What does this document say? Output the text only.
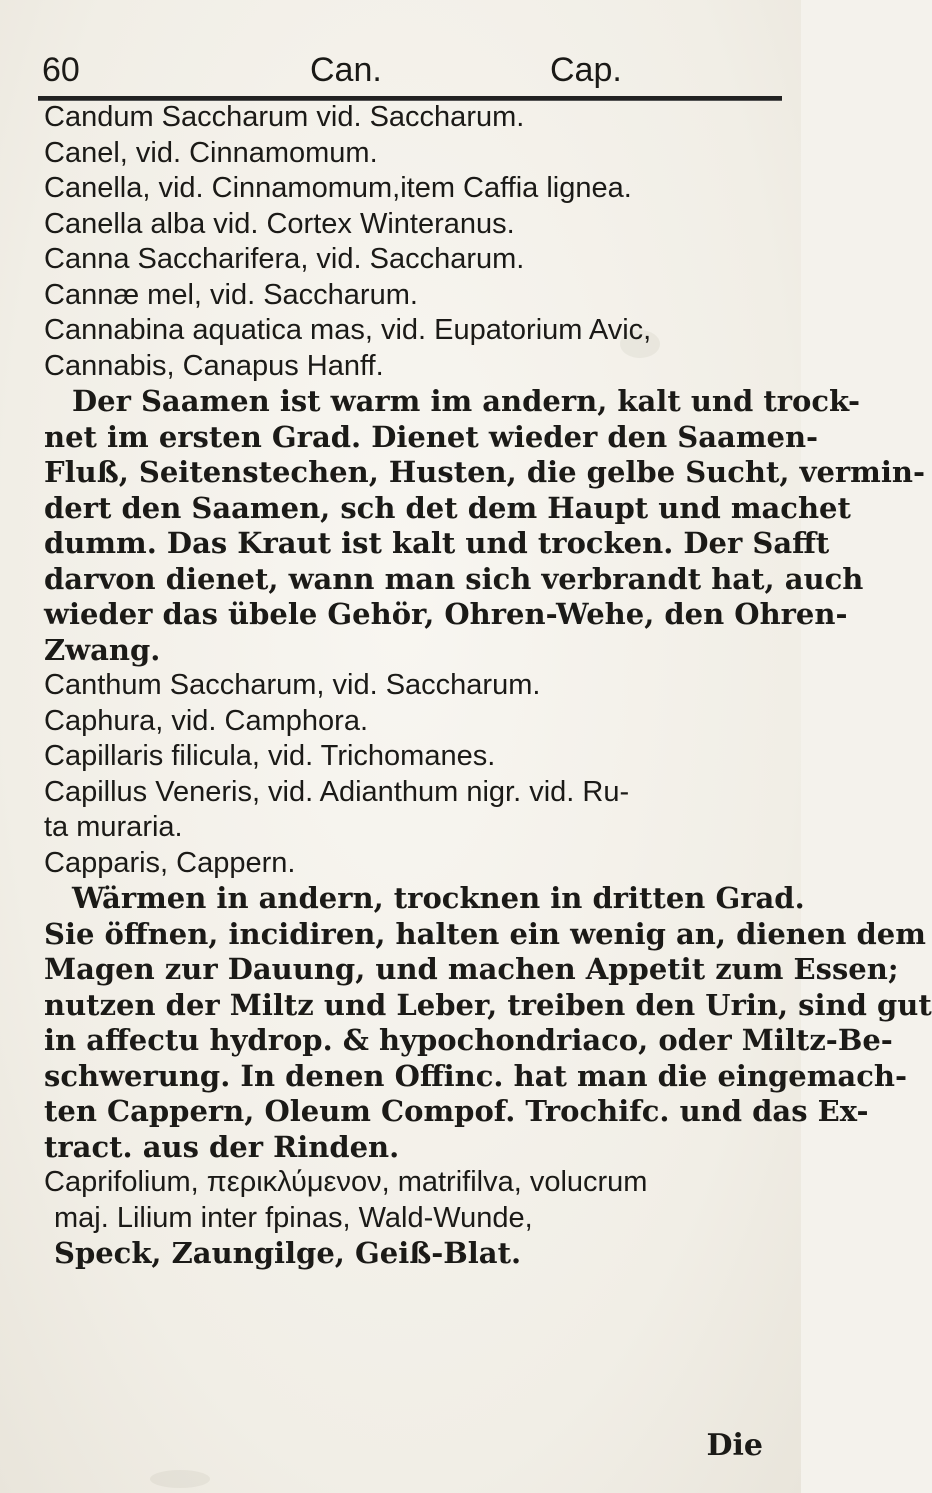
60	Can.	Cap.
Candum Saccharum vid. Saccharum.
Canel, vid. Cinnamomum.
Canella, vid. Cinnamomum,item Caffia lignea.
Canella alba vid. Cortex Winteranus.
Canna Saccharifera, vid. Saccharum.
Cannæ mel, vid. Saccharum.
Cannabina aquatica mas, vid. Eupatorium Avic,
Cannabis, Canapus Hanff.
Der Saamen ist warm im andern, kalt und trock-
net im ersten Grad. Dienet wieder den Saamen-
Fluß, Seitenstechen, Husten, die gelbe Sucht, vermin-
dert den Saamen, sch det dem Haupt und machet
dumm. Das Kraut ist kalt und trocken. Der Safft
darvon dienet, wann man sich verbrandt hat, auch
wieder das übele Gehör, Ohren-Wehe, den Ohren-
Zwang.
Canthum Saccharum, vid. Saccharum.
Caphura, vid. Camphora.
Capillaris filicula, vid. Trichomanes.
Capillus Veneris, vid. Adianthum nigr. vid. Ru-
ta muraria.
Capparis, Cappern.
Wärmen in andern, trocknen in dritten Grad.
Sie öffnen, incidiren, halten ein wenig an, dienen dem
Magen zur Dauung, und machen Appetit zum Essen;
nutzen der Miltz und Leber, treiben den Urin, sind gut
in affectu hydrop. & hypochondriaco, oder Miltz-Be-
schwerung. In denen Offinc. hat man die eingemach-
ten Cappern, Oleum Compof. Trochifc. und das Ex-
tract. aus der Rinden.
Caprifolium, περικλύμενον, matrifilva, volucrum
maj. Lilium inter fpinas, Wald-Wunde,
Speck, Zaungilge, Geiß-Blat.
Die
